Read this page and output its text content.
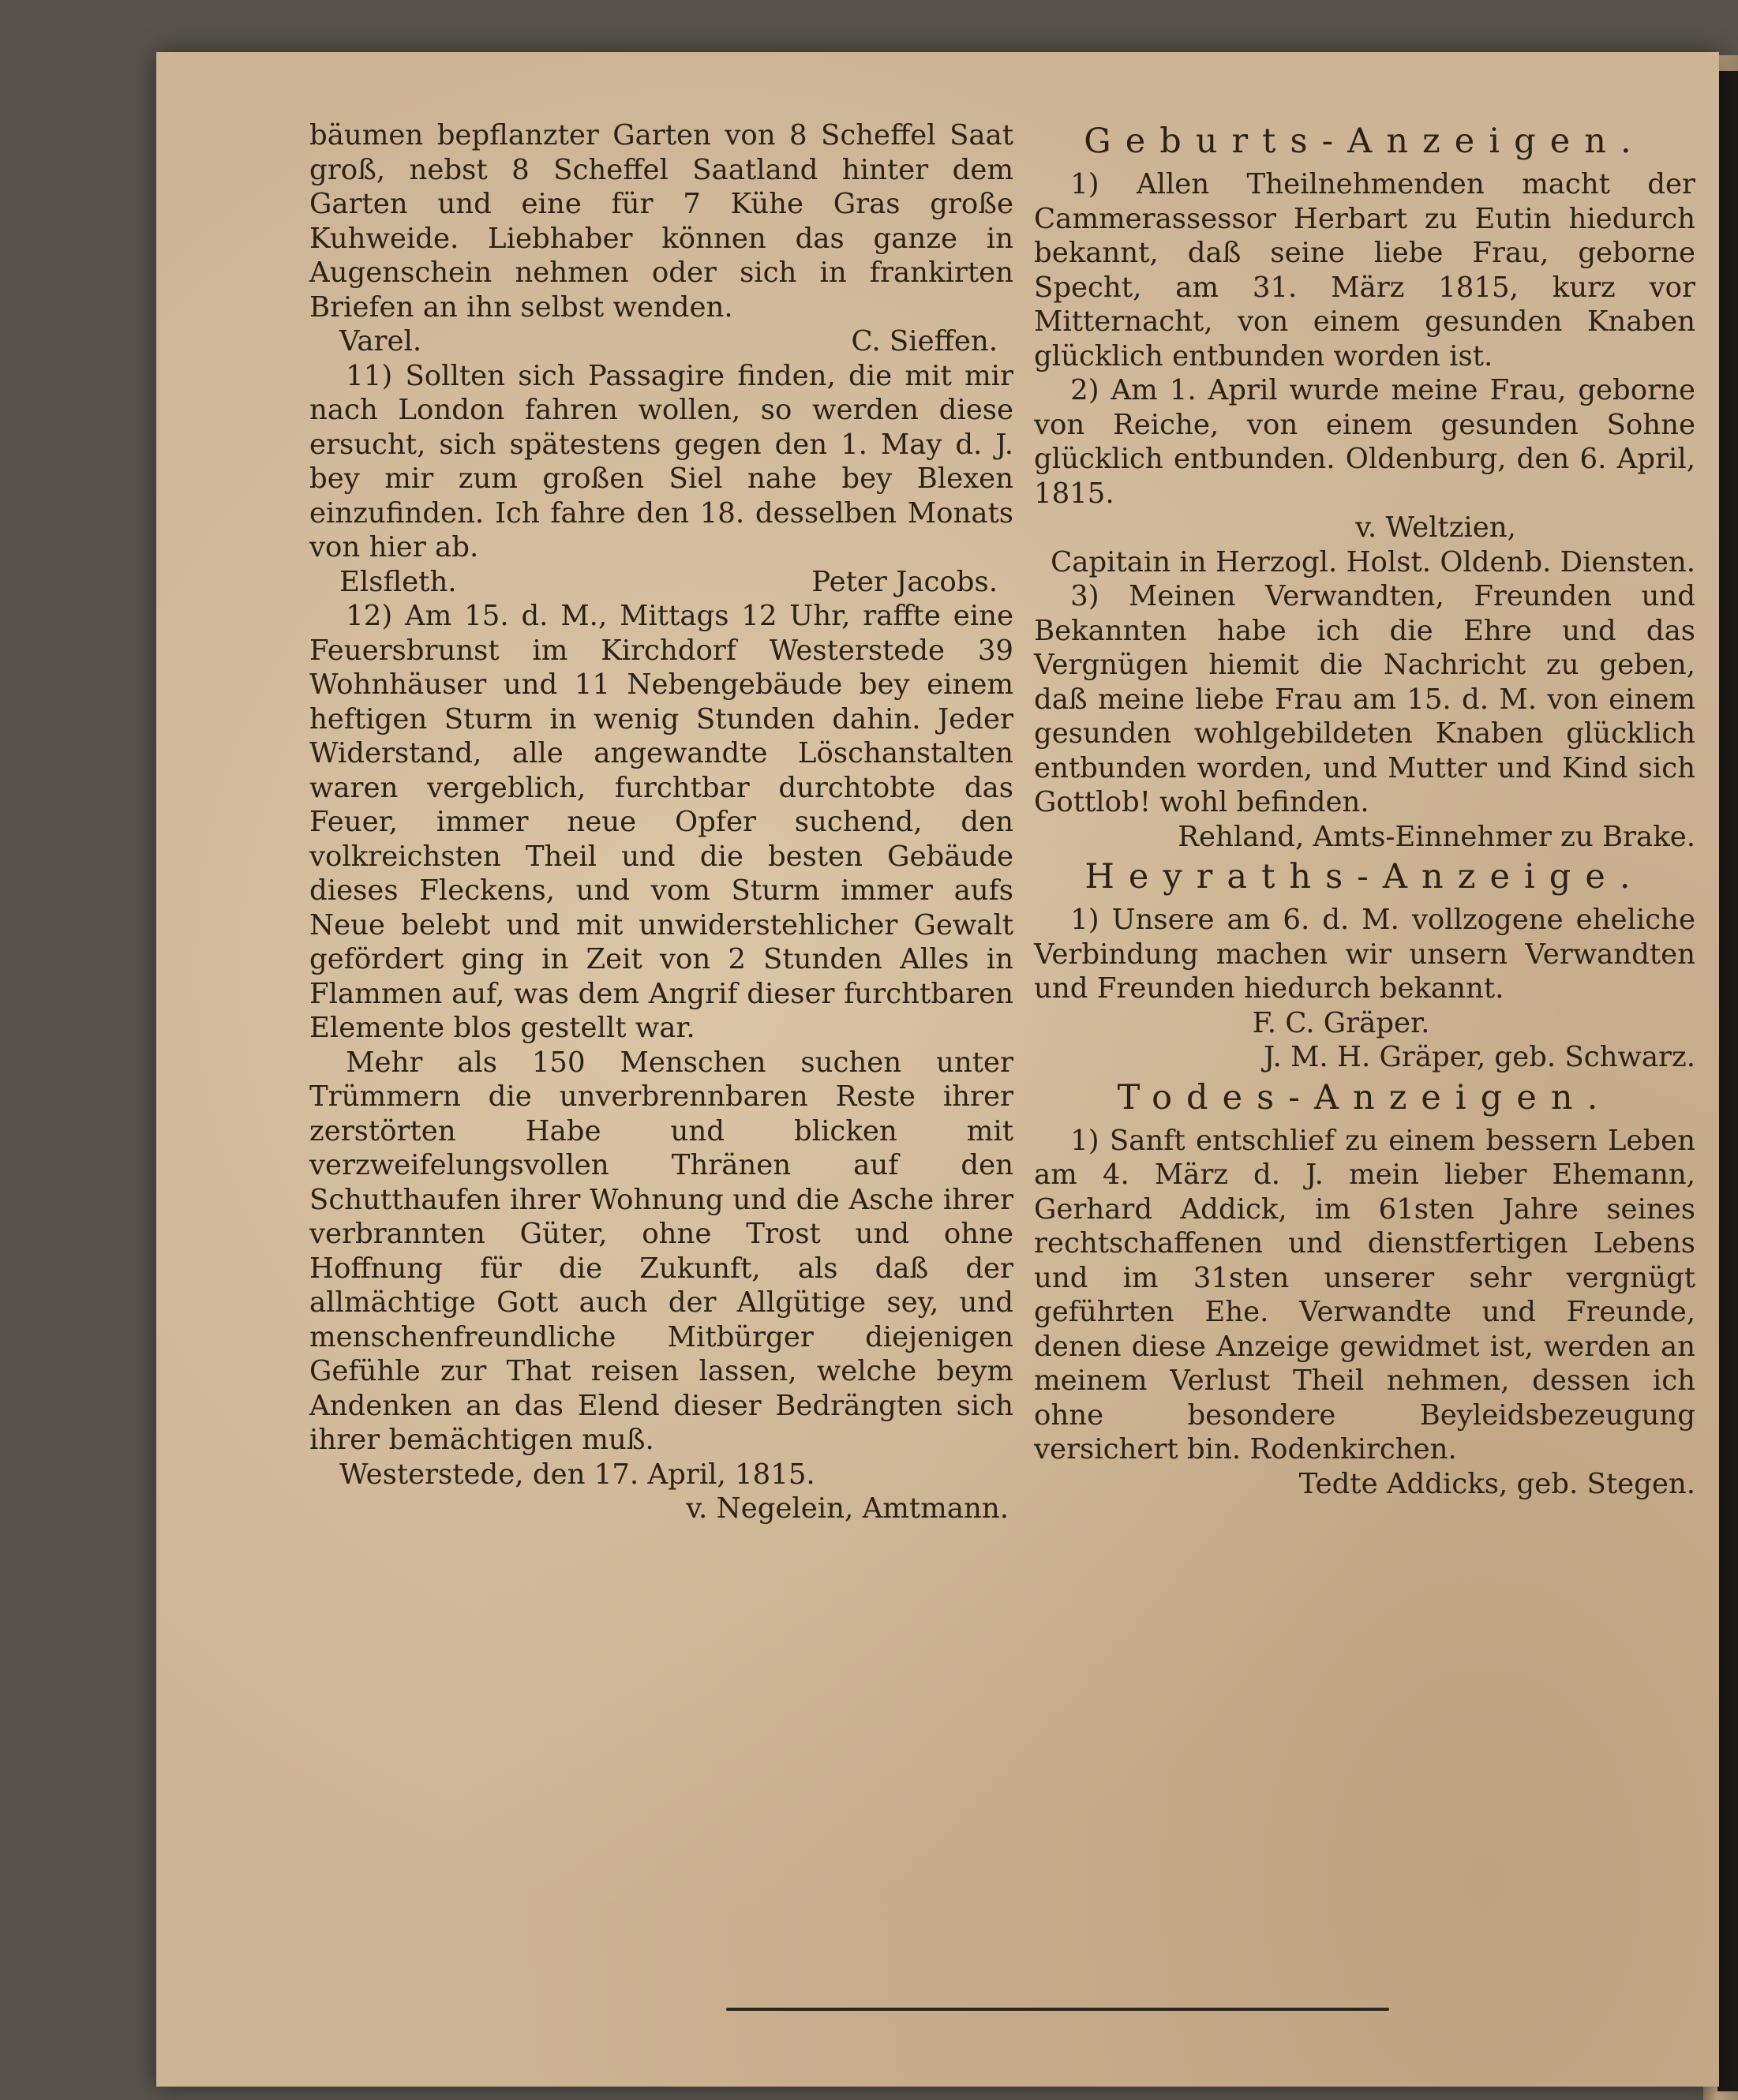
bäumen bepflanzter Garten von 8 Scheffel Saat groß, nebst 8 Scheffel Saatland hinter dem Garten und eine für 7 Kühe Gras große Kuhweide. Liebhaber können das ganze in Augenschein nehmen oder sich in frankirten Briefen an ihn selbst wenden.

Varel.	C. Sieffen.

11) Sollten sich Passagire finden, die mit mir nach London fahren wollen, so werden diese ersucht, sich spätestens gegen den 1. May d. J. bey mir zum großen Siel nahe bey Blexen einzufinden. Ich fahre den 18. desselben Monats von hier ab.

Elsfleth.	Peter Jacobs.

12) Am 15. d. M., Mittags 12 Uhr, raffte eine Feuersbrunst im Kirchdorf Westerstede 39 Wohnhäuser und 11 Nebengebäude bey einem heftigen Sturm in wenig Stunden dahin. Jeder Widerstand, alle angewandte Löschanstalten waren vergeblich, furchtbar durchtobte das Feuer, immer neue Opfer suchend, den volkreichsten Theil und die besten Gebäude dieses Fleckens, und vom Sturm immer aufs Neue belebt und mit unwiderstehlicher Gewalt gefördert ging in Zeit von 2 Stunden Alles in Flammen auf, was dem Angrif dieser furchtbaren Elemente blos gestellt war.

Mehr als 150 Menschen suchen unter Trümmern die unverbrennbaren Reste ihrer zerstörten Habe und blicken mit verzweifelungsvollen Thränen auf den Schutthaufen ihrer Wohnung und die Asche ihrer verbrannten Güter, ohne Trost und ohne Hoffnung für die Zukunft, als daß der allmächtige Gott auch der Allgütige sey, und menschenfreundliche Mitbürger diejenigen Gefühle zur That reisen lassen, welche beym Andenken an das Elend dieser Bedrängten sich ihrer bemächtigen muß.

Westerstede, den 17. April, 1815.

v. Negelein, Amtmann.
Geburts-Anzeigen.

1) Allen Theilnehmenden macht der Cammerassessor Herbart zu Eutin hiedurch bekannt, daß seine liebe Frau, geborne Specht, am 31. März 1815, kurz vor Mitternacht, von einem gesunden Knaben glücklich entbunden worden ist.

2) Am 1. April wurde meine Frau, geborne von Reiche, von einem gesunden Sohne glücklich entbunden. Oldenburg, den 6. April, 1815.

v. Weltzien,

Capitain in Herzogl. Holst. Oldenb. Diensten.

3) Meinen Verwandten, Freunden und Bekannten habe ich die Ehre und das Vergnügen hiemit die Nachricht zu geben, daß meine liebe Frau am 15. d. M. von einem gesunden wohlgebildeten Knaben glücklich entbunden worden, und Mutter und Kind sich Gottlob! wohl befinden.

Rehland, Amts-Einnehmer zu Brake.

Heyraths-Anzeige.

1) Unsere am 6. d. M. vollzogene eheliche Verbindung machen wir unsern Verwandten und Freunden hiedurch bekannt.

F. C. Gräper.

J. M. H. Gräper, geb. Schwarz.

Todes-Anzeigen.

1) Sanft entschlief zu einem bessern Leben am 4. März d. J. mein lieber Ehemann, Gerhard Addick, im 61sten Jahre seines rechtschaffenen und dienstfertigen Lebens und im 31sten unserer sehr vergnügt geführten Ehe. Verwandte und Freunde, denen diese Anzeige gewidmet ist, werden an meinem Verlust Theil nehmen, dessen ich ohne besondere Beyleidsbezeugung versichert bin. Rodenkirchen.

Tedte Addicks, geb. Stegen.
